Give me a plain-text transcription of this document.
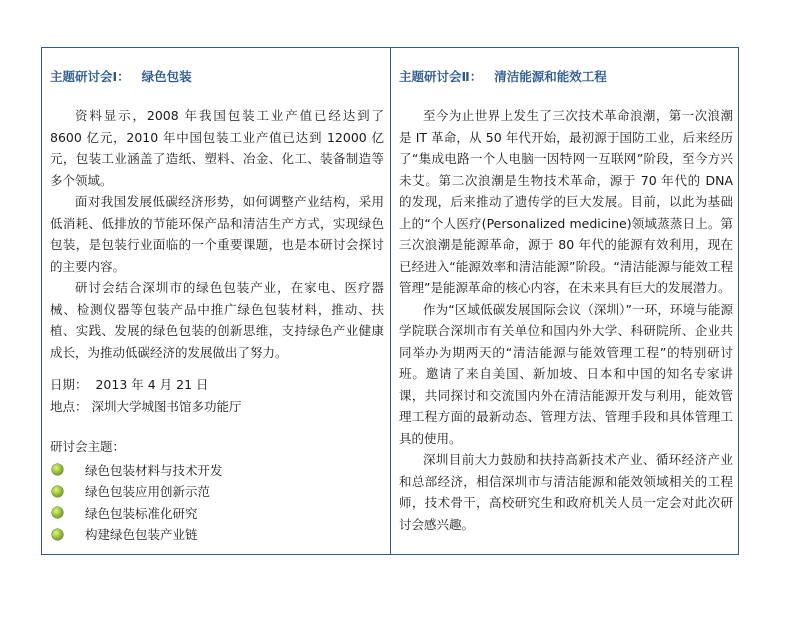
主题研讨会Ⅰ： 绿色包装

资料显示，2008 年我国包装工业产值已经达到了 8600 亿元，2010 年中国包装工业产值已达到 12000 亿元，包装工业涵盖了造纸、塑料、冶金、化工、装备制造等多个领域。

面对我国发展低碳经济形势，如何调整产业结构，采用低消耗、低排放的节能环保产品和清洁生产方式，实现绿色包装，是包装行业面临的一个重要课题，也是本研讨会探讨的主要内容。

研讨会结合深圳市的绿色包装产业，在家电、医疗器械、检测仪器等包装产品中推广绿色包装材料，推动、扶植、实践、发展的绿色包装的创新思维，支持绿色产业健康成长，为推动低碳经济的发展做出了努力。

日期： 2013 年 4 月 21 日
地点： 深圳大学城图书馆多功能厅
研讨会主题：
绿色包装材料与技术开发
绿色包装应用创新示范
绿色包装标准化研究
构建绿色包装产业链
主题研讨会Ⅱ： 清洁能源和能效工程

至今为止世界上发生了三次技术革命浪潮，第一次浪潮是 IT 革命，从 50 年代开始，最初源于国防工业，后来经历了“集成电路一个人电脑一因特网一互联网”阶段，至今方兴未艾。第二次浪潮是生物技术革命，源于 70 年代的 DNA 的发现，后来推动了遗传学的巨大发展。目前，以此为基础上的“个人医疗(Personalized medicine)领域蒸蒸日上。第三次浪潮是能源革命，源于 80 年代的能源有效利用，现在已经进入“能源效率和清洁能源”阶段。“清洁能源与能效工程管理”是能源革命的核心内容，在未来具有巨大的发展潜力。

作为“区域低碳发展国际会议（深圳）”一环，环境与能源学院联合深圳市有关单位和国内外大学、科研院所、企业共同举办为期两天的“清洁能源与能效管理工程”的特别研讨班。邀请了来自美国、新加坡、日本和中国的知名专家讲课，共同探讨和交流国内外在清洁能源开发与利用，能效管理工程方面的最新动态、管理方法、管理手段和具体管理工具的使用。

深圳目前大力鼓励和扶持高新技术产业、循环经济产业和总部经济，相信深圳市与清洁能源和能效领域相关的工程师，技术骨干，高校研究生和政府机关人员一定会对此次研讨会感兴趣。
